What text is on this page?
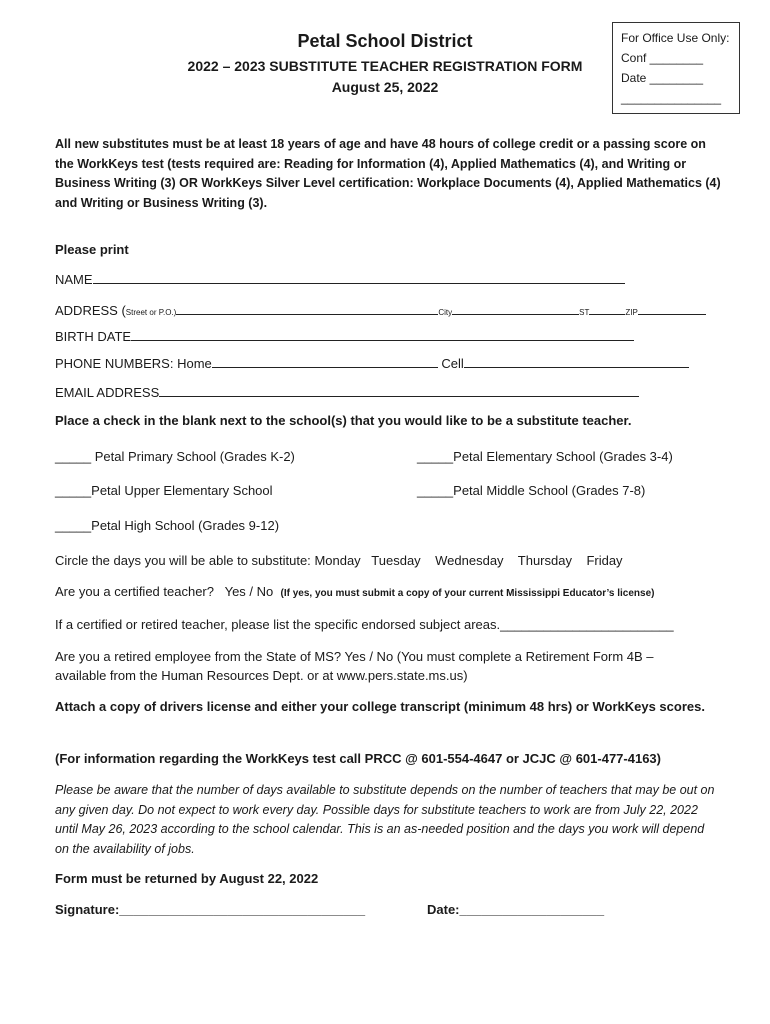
Petal School District
2022 – 2023 SUBSTITUTE TEACHER REGISTRATION FORM
August 25, 2022
For Office Use Only:
Conf ________
Date ________
_______________
All new substitutes must be at least 18 years of age and have 48 hours of college credit or a passing score on the WorkKeys test (tests required are: Reading for Information (4), Applied Mathematics (4), and Writing or Business Writing (3) OR WorkKeys Silver Level certification: Workplace Documents (4), Applied Mathematics (4) and Writing or Business Writing (3).
Please print
NAME
ADDRESS (Street or P.O.)	City	ST	ZIP
BIRTH DATE
PHONE NUMBERS: Home	Cell
EMAIL ADDRESS
Place a check in the blank next to the school(s) that you would like to be a substitute teacher.
_____ Petal Primary School (Grades K-2)	_____Petal Elementary School (Grades 3-4)
_____Petal Upper Elementary School	_____Petal Middle School (Grades 7-8)
_____Petal High School (Grades 9-12)
Circle the days you will be able to substitute: Monday Tuesday Wednesday Thursday Friday
Are you a certified teacher? Yes / No (If yes, you must submit a copy of your current Mississippi Educator’s license)
If a certified or retired teacher, please list the specific endorsed subject areas.________________________
Are you a retired employee from the State of MS? Yes / No (You must complete a Retirement Form 4B –
available from the Human Resources Dept. or at www.pers.state.ms.us)
Attach a copy of drivers license and either your college transcript (minimum 48 hrs) or WorkKeys scores.
(For information regarding the WorkKeys test call PRCC @ 601-554-4647 or JCJC @ 601-477-4163)
Please be aware that the number of days available to substitute depends on the number of teachers that may be out on any given day. Do not expect to work every day. Possible days for substitute teachers to work are from July 22, 2022 until May 26, 2023 according to the school calendar. This is an as-needed position and the days you work will depend on the availability of jobs.
Form must be returned by August 22, 2022
Signature:__________________________________	Date:____________________
